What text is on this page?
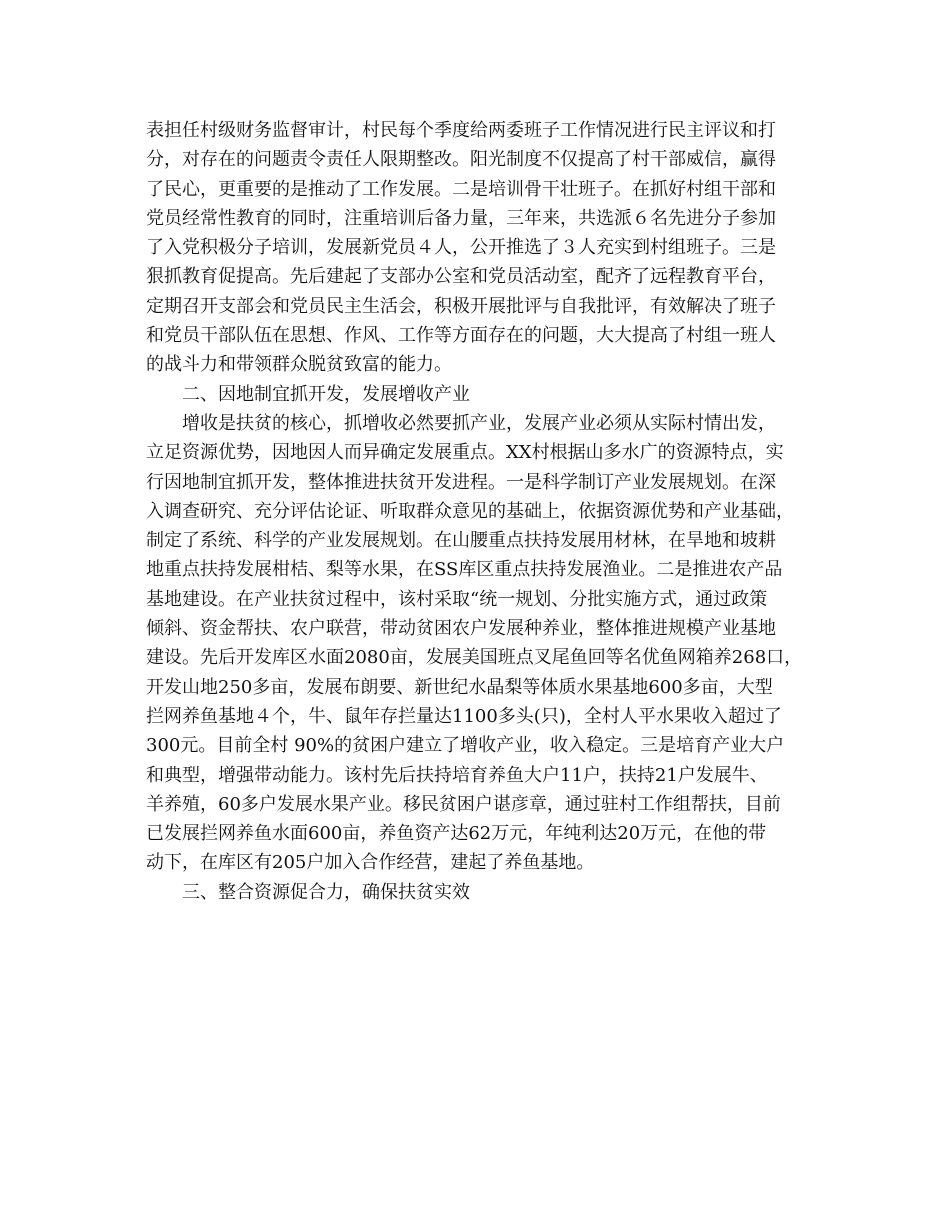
表担任村级财务监督审计，村民每个季度给两委班子工作情况进行民主评议和打
分，对存在的问题责令责任人限期整改。阳光制度不仅提高了村干部威信，赢得
了民心，更重要的是推动了工作发展。二是培训骨干壮班子。在抓好村组干部和
党员经常性教育的同时，注重培训后备力量，三年来，共选派６名先进分子参加
了入党积极分子培训，发展新党员４人，公开推选了３人充实到村组班子。三是
狠抓教育促提高。先后建起了支部办公室和党员活动室，配齐了远程教育平台，
定期召开支部会和党员民主生活会，积极开展批评与自我批评，有效解决了班子
和党员干部队伍在思想、作风、工作等方面存在的问题，大大提高了村组一班人
的战斗力和带领群众脱贫致富的能力。
二、因地制宜抓开发，发展增收产业
增收是扶贫的核心，抓增收必然要抓产业，发展产业必须从实际村情出发，
立足资源优势，因地因人而异确定发展重点。XX村根据山多水广的资源特点，实
行因地制宜抓开发，整体推进扶贫开发进程。一是科学制订产业发展规划。在深
入调查研究、充分评估论证、听取群众意见的基础上，依据资源优势和产业基础，
制定了系统、科学的产业发展规划。在山腰重点扶持发展用材林，在旱地和坡耕
地重点扶持发展柑桔、梨等水果，在SS库区重点扶持发展渔业。二是推进农产品
基地建设。在产业扶贫过程中，该村采取“统一规划、分批实施方式，通过政策
倾斜、资金帮扶、农户联营，带动贫困农户发展种养业，整体推进规模产业基地
建设。先后开发库区水面2080亩，发展美国班点叉尾鱼回等名优鱼网箱养268口，
开发山地250多亩，发展布朗要、新世纪水晶梨等体质水果基地600多亩，大型
拦网养鱼基地４个，牛、鼠年存拦量达1100多头(只)，全村人平水果收入超过了
300元。目前全村 90%的贫困户建立了增收产业，收入稳定。三是培育产业大户
和典型，增强带动能力。该村先后扶持培育养鱼大户11户，扶持21户发展牛、
羊养殖，60多户发展水果产业。移民贫困户谌彦章，通过驻村工作组帮扶，目前
已发展拦网养鱼水面600亩，养鱼资产达62万元，年纯利达20万元，在他的带
动下，在库区有205户加入合作经营，建起了养鱼基地。
三、整合资源促合力，确保扶贫实效
